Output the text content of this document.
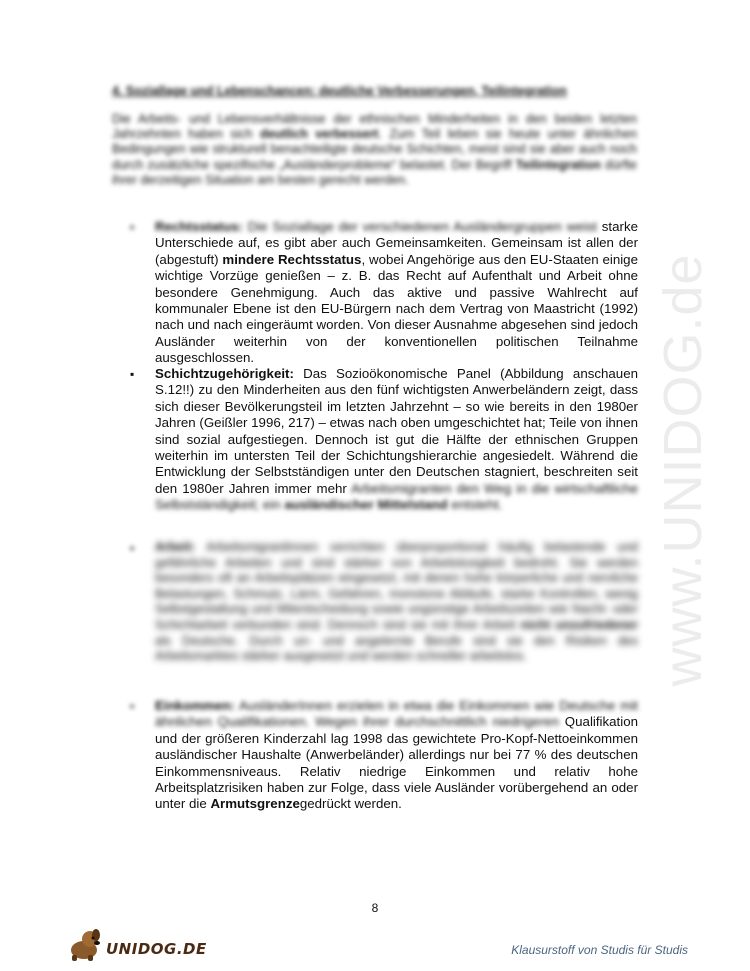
www.UNIDOG.de
4. Soziallage und Lebenschancen: deutliche Verbesserungen, Teilintegration
Die Arbeits- und Lebensverhältnisse der ethnischen Minderheiten in den beiden letzten Jahrzehnten haben sich deutlich verbessert. Zum Teil leben sie heute unter ähnlichen Bedingungen wie strukturell benachteiligte deutsche Schichten, meist sind sie aber auch noch durch zusätzliche spezifische „Ausländerprobleme“ belastet. Der Begriff Teilintegration dürfte ihrer derzeitigen Situation am besten gerecht werden.
▪	Rechtsstatus: Die Soziallage der verschiedenen Ausländergruppen weist starke Unterschiede auf, es gibt aber auch Gemeinsamkeiten. Gemeinsam ist allen der (abgestuft) mindere Rechtsstatus, wobei Angehörige aus den EU-Staaten einige wichtige Vorzüge genießen – z. B. das Recht auf Aufenthalt und Arbeit ohne besondere Genehmigung. Auch das aktive und passive Wahlrecht auf kommunaler Ebene ist den EU-Bürgern nach dem Vertrag von Maastricht (1992) nach und nach eingeräumt worden. Von dieser Ausnahme abgesehen sind jedoch Ausländer weiterhin von der konventionellen politischen Teilnahme ausgeschlossen.
▪	Schichtzugehörigkeit: Das Sozioökonomische Panel (Abbildung anschauen S.12!!) zu den Minderheiten aus den fünf wichtigsten Anwerbeländern zeigt, dass sich dieser Bevölkerungsteil im letzten Jahrzehnt – so wie bereits in den 1980er Jahren (Geißler 1996, 217) – etwas nach oben umgeschichtet hat; Teile von ihnen sind sozial aufgestiegen. Dennoch ist gut die Hälfte der ethnischen Gruppen weiterhin im untersten Teil der Schichtungshierarchie angesiedelt. Während die Entwicklung der Selbstständigen unter den Deutschen stagniert, beschreiten seit den 1980er Jahren immer mehr Arbeitsmigranten den Weg in die wirtschaftliche Selbstständigkeit; ein ausländischer Mittelstand entsteht.
▪	Arbeit: ArbeitsmigrantInnen verrichten überproportional häufig belastende und gefährliche Arbeiten und sind stärker von Arbeitslosigkeit bedroht. Sie werden besonders oft an Arbeitsplätzen eingesetzt, mit denen hohe körperliche und nervliche Belastungen, Schmutz, Lärm, Gefahren, monotone Abläufe, starke Kontrollen, wenig Selbstgestaltung und Mitentscheidung sowie ungünstige Arbeitszeiten wie Nacht- oder Schichtarbeit verbunden sind. Dennoch sind sie mit ihrer Arbeit nicht unzufriedener als Deutsche. Durch un- und angelernte Berufe sind sie den Risiken des Arbeitsmarktes stärker ausgesetzt und werden schneller arbeitslos.
▪	Einkommen: AusländerInnen erzielen in etwa die Einkommen wie Deutsche mit ähnlichen Qualifikationen. Wegen ihrer durchschnittlich niedrigeren Qualifikation und der größeren Kinderzahl lag 1998 das gewichtete Pro-Kopf-Nettoeinkommen ausländischer Haushalte (Anwerbeländer) allerdings nur bei 77 % des deutschen Einkommensniveaus. Relativ niedrige Einkommen und relativ hohe Arbeitsplatzrisiken haben zur Folge, dass viele Ausländer vorübergehend an oder unter die Armutsgrenzegedrückt werden.
8
UNIDOG.DE	Klausurstoff von Studis für Studis
